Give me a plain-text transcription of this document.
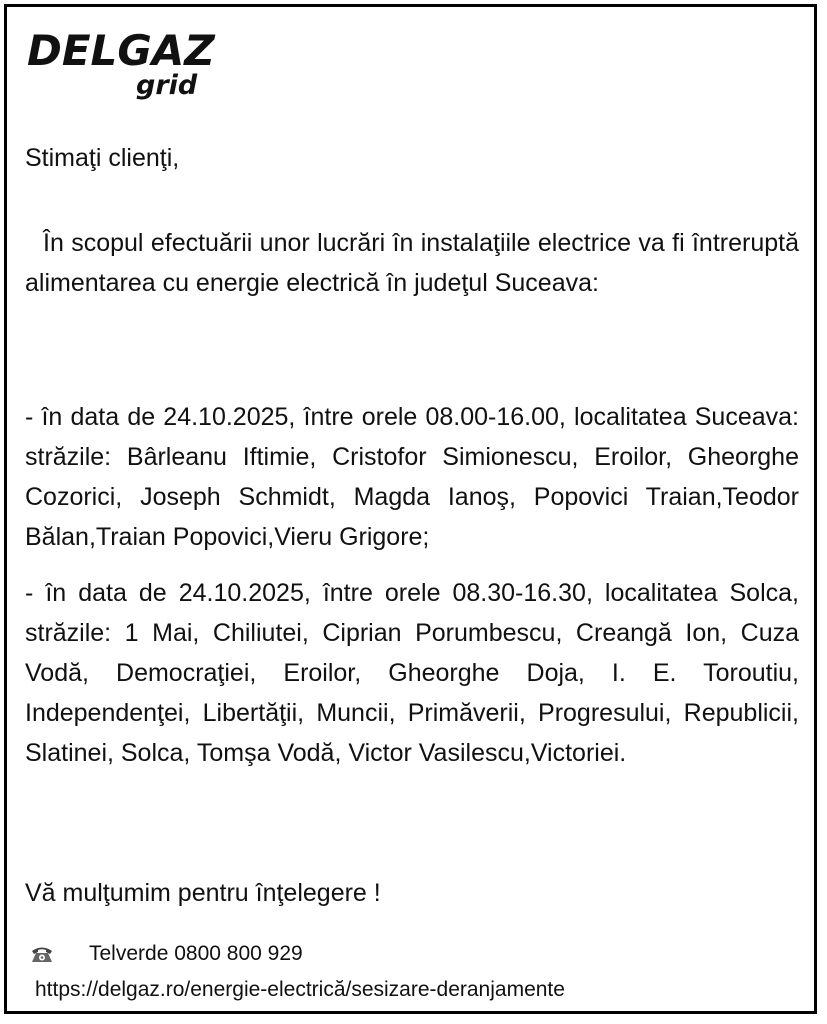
DELGAZ
grid
Stimaţi clienţi,
În scopul efectuării unor lucrări în instalaţiile electrice va fi întreruptă alimentarea cu energie electrică în judeţul Suceava:
- în data de 24.10.2025, între orele 08.00-16.00, localitatea Suceava: străzile: Bârleanu Iftimie, Cristofor Simionescu, Eroilor, Gheorghe Cozorici, Joseph Schmidt, Magda Ianoş, Popovici Traian,Teodor Bălan,Traian Popovici,Vieru Grigore;
- în data de 24.10.2025, între orele 08.30-16.30, localitatea Solca, străzile: 1 Mai, Chiliutei, Ciprian Porumbescu, Creangă Ion, Cuza Vodă, Democraţiei, Eroilor, Gheorghe Doja, I. E. Toroutiu, Independenţei, Libertăţii, Muncii, Primăverii, Progresului, Republicii, Slatinei, Solca, Tomşa Vodă, Victor Vasilescu,Victoriei.
Vă mulţumim pentru înţelegere !
Telverde 0800 800 929
https://delgaz.ro/energie-electrică/sesizare-deranjamente
